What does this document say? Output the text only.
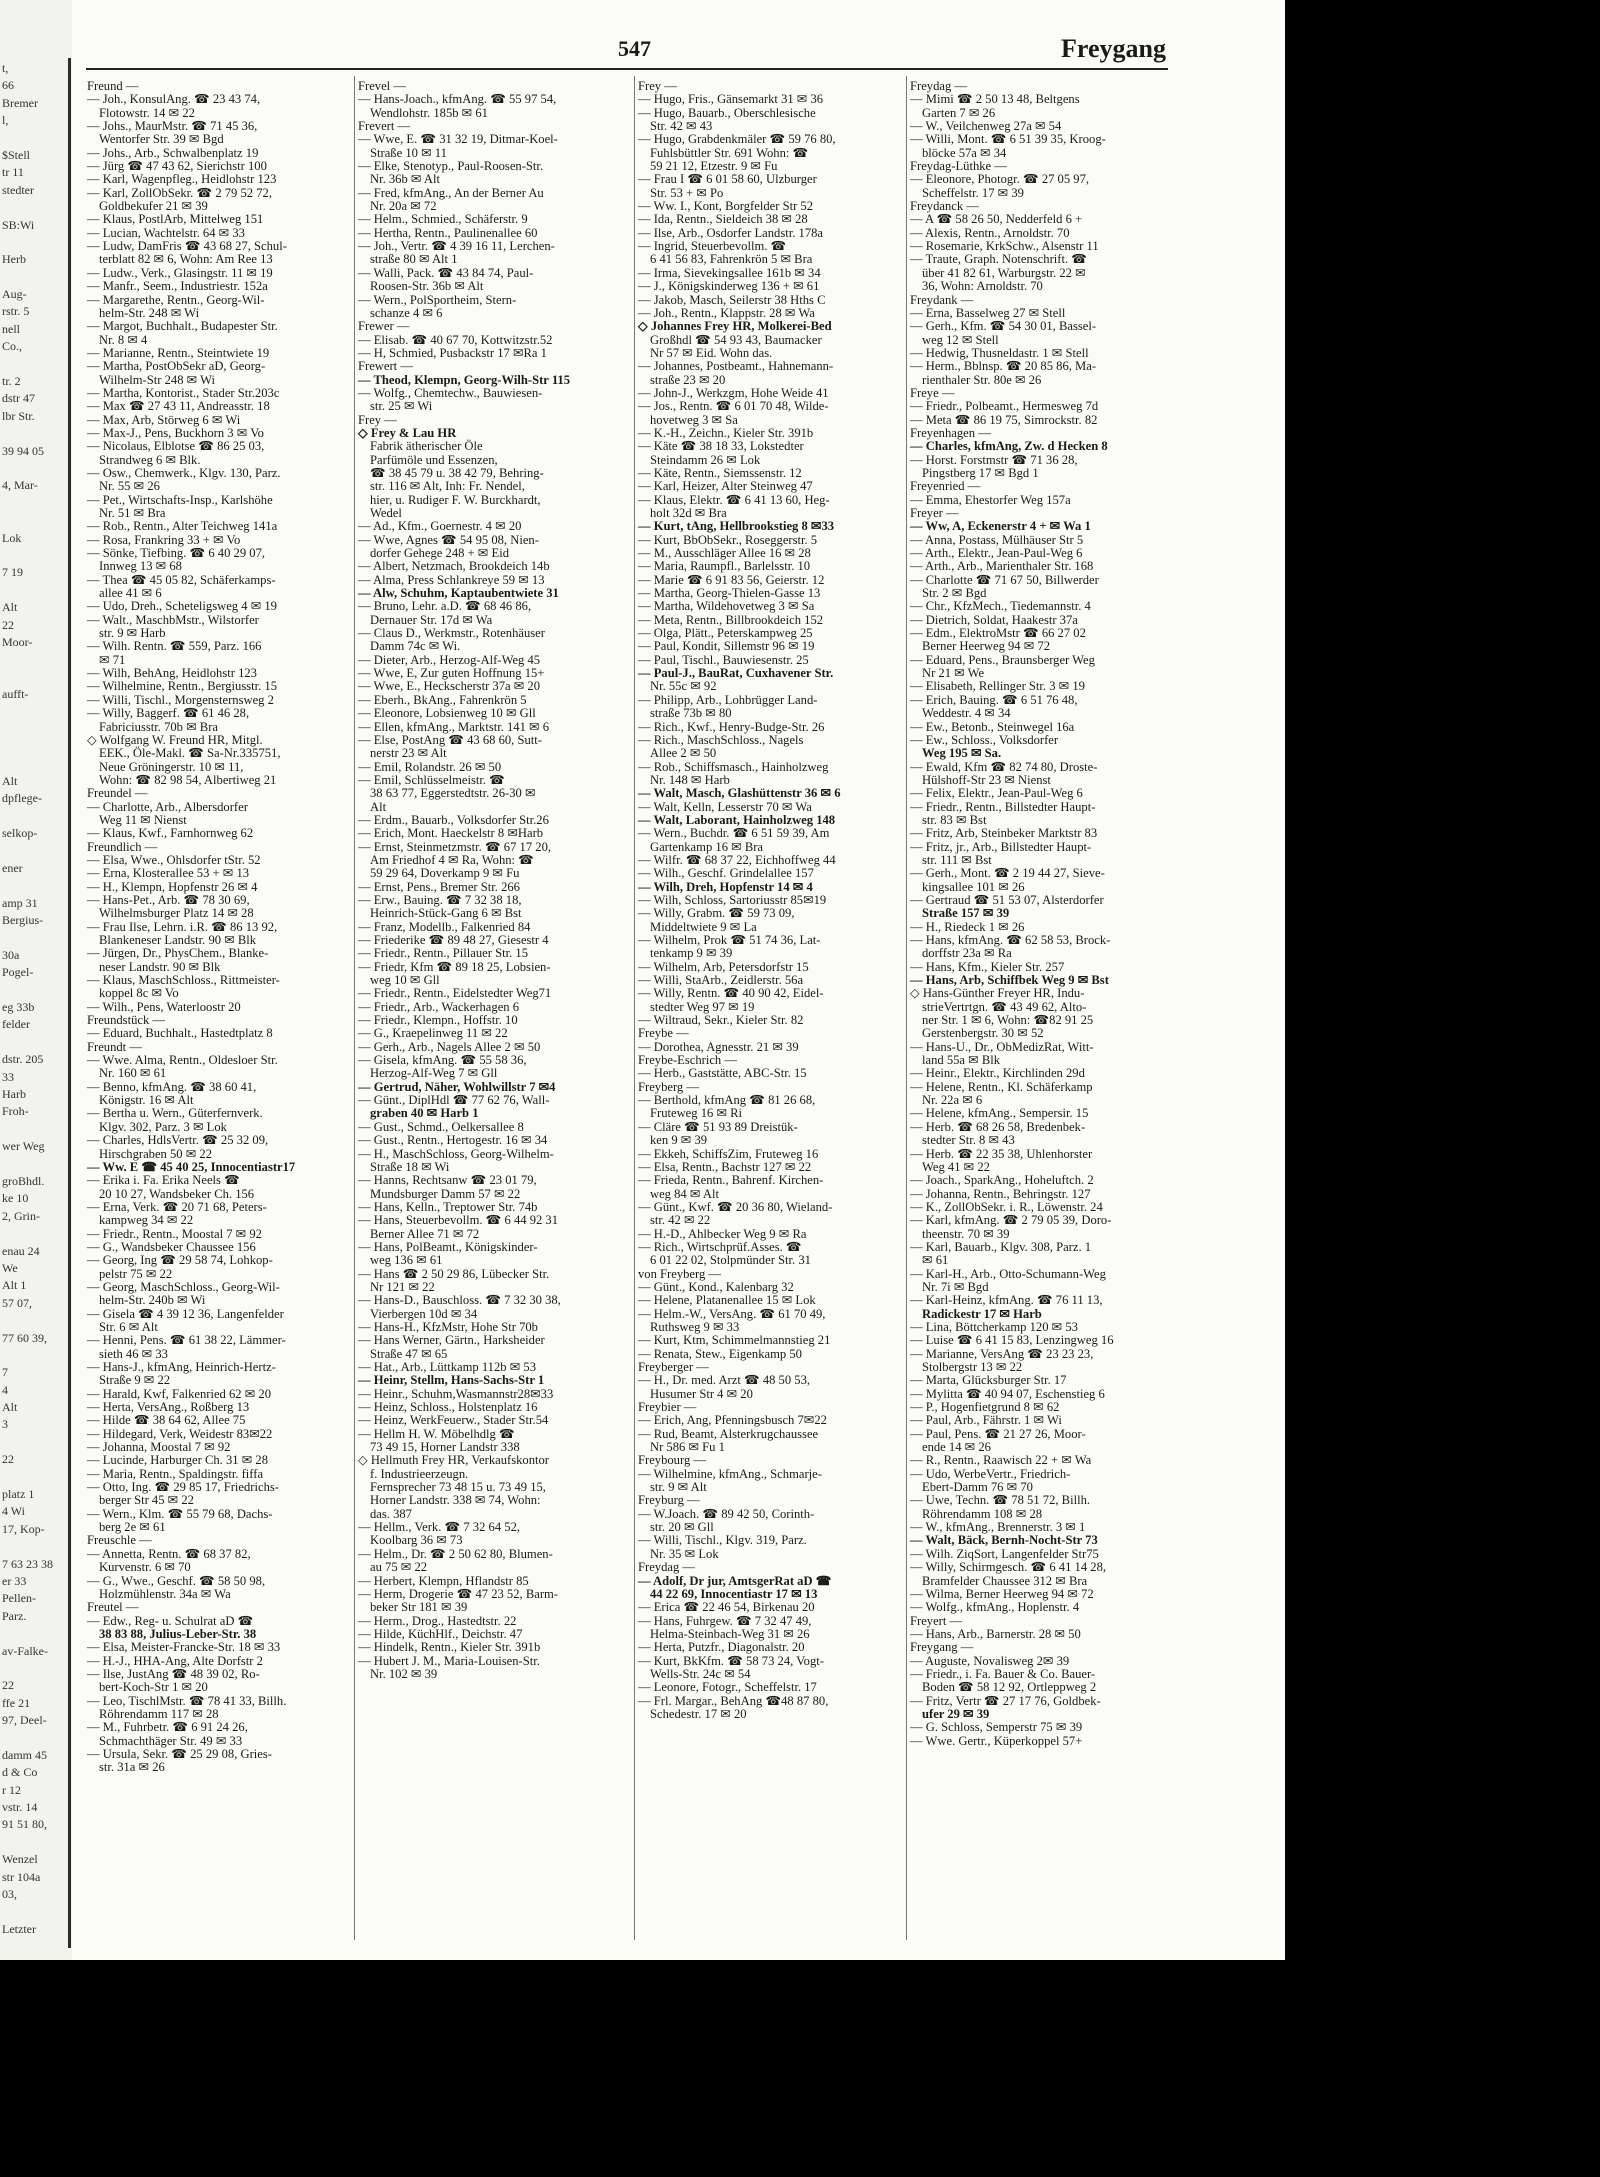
t,
66
Bremer
l,
$Stell
tr 11
stedter
SB:Wi
Herb
Aug-
rstr. 5
nell
Co.,
tr. 2
dstr 47
lbr Str.
39 94 05
4, Mar-
Lok
7 19
Alt
22
Moor-
aufft-
Alt
dpflege-
selkop-
ener
amp 31
Bergius-
30a
Pogel-
eg 33b
felder
dstr. 205
33
Harb
Froh-
wer Weg
groBhdl.
ke 10
2, Grin-
enau 24
We
Alt 1
57 07,
77 60 39,
7
4
Alt
3
22
platz 1
4 Wi
17, Kop-
7 63 23 38
er 33
Pellen-
Parz.
av-Falke-
22
ffe 21
97, Deel-
damm 45
d & Co
r 12
vstr. 14
91 51 80,
Wenzel
str 104a
03,
Letzter
547	Freygang
Freund —
— Joh., KonsulAng. ☎ 23 43 74,
Flotowstr. 14 ✉ 22
— Johs., MaurMstr. ☎ 71 45 36,
Wentorfer Str. 39 ✉ Bgd
— Johs., Arb., Schwalbenplatz 19
— Jürg ☎ 47 43 62, Sierichstr 100
— Karl, Wagenpfleg., Heidlohstr 123
— Karl, ZollObSekr. ☎ 2 79 52 72,
Goldbekufer 21 ✉ 39
— Klaus, PostlArb, Mittelweg 151
— Lucian, Wachtelstr. 64 ✉ 33
— Ludw, DamFris ☎ 43 68 27, Schul-
terblatt 82 ✉ 6, Wohn: Am Ree 13
— Ludw., Verk., Glasingstr. 11 ✉ 19
— Manfr., Seem., Industriestr. 152a
— Margarethe, Rentn., Georg-Wil-
helm-Str. 248 ✉ Wi
— Margot, Buchhalt., Budapester Str.
Nr. 8 ✉ 4
— Marianne, Rentn., Steintwiete 19
— Martha, PostObSekr aD, Georg-
Wilhelm-Str 248 ✉ Wi
— Martha, Kontorist., Stader Str.203c
— Max ☎ 27 43 11, Andreasstr. 18
— Max, Arb, Störweg 6 ✉ Wi
— Max-J., Pens, Buckhorn 3 ✉ Vo
— Nicolaus, Elblotse ☎ 86 25 03,
Strandweg 6 ✉ Blk.
— Osw., Chemwerk., Klgv. 130, Parz.
Nr. 55 ✉ 26
— Pet., Wirtschafts-Insp., Karlshöhe
Nr. 51 ✉ Bra
— Rob., Rentn., Alter Teichweg 141a
— Rosa, Frankring 33 + ✉ Vo
— Sönke, Tiefbing. ☎ 6 40 29 07,
Innweg 13 ✉ 68
— Thea ☎ 45 05 82, Schäferkamps-
allee 41 ✉ 6
— Udo, Dreh., Scheteligsweg 4 ✉ 19
— Walt., MaschbMstr., Wilstorfer
str. 9 ✉ Harb
— Wilh. Rentn. ☎ 559, Parz. 166
✉ 71
— Wilh, BehAng, Heidlohstr 123
— Wilhelmine, Rentn., Bergiusstr. 15
— Willi, Tischl., Morgensternsweg 2
— Willy, Baggerf. ☎ 61 46 28,
Fabriciusstr. 70b ✉ Bra
◇ Wolfgang W. Freund HR, Mitgl.
EEK., Öle-Makl. ☎ Sa-Nr.335751,
Neue Gröningerstr. 10 ✉ 11,
Wohn: ☎ 82 98 54, Albertiweg 21
Freundel —
— Charlotte, Arb., Albersdorfer
Weg 11 ✉ Nienst
— Klaus, Kwf., Farnhornweg 62
Freundlich —
— Elsa, Wwe., Ohlsdorfer tStr. 52
— Erna, Klosterallee 53 + ✉ 13
— H., Klempn, Hopfenstr 26 ✉ 4
— Hans-Pet., Arb. ☎ 78 30 69,
Wilhelmsburger Platz 14 ✉ 28
— Frau Ilse, Lehrn. i.R. ☎ 86 13 92,
Blankeneser Landstr. 90 ✉ Blk
— Jürgen, Dr., PhysChem., Blanke-
neser Landstr. 90 ✉ Blk
— Klaus, MaschSchloss., Rittmeister-
koppel 8c ✉ Vo
— Wilh., Pens, Waterloostr 20
Freundstück —
— Eduard, Buchhalt., Hastedtplatz 8
Freundt —
— Wwe. Alma, Rentn., Oldesloer Str.
Nr. 160 ✉ 61
— Benno, kfmAng. ☎ 38 60 41,
Königstr. 16 ✉ Alt
— Bertha u. Wern., Güterfernverk.
Klgv. 302, Parz. 3 ✉ Lok
— Charles, HdlsVertr. ☎ 25 32 09,
Hirschgraben 50 ✉ 22
— Ww. E ☎ 45 40 25, Innocentiastr17
— Erika i. Fa. Erika Neels ☎
20 10 27, Wandsbeker Ch. 156
— Erna, Verk. ☎ 20 71 68, Peters-
kampweg 34 ✉ 22
— Friedr., Rentn., Moostal 7 ✉ 92
— G., Wandsbeker Chaussee 156
— Georg, Ing ☎ 29 58 74, Lohkop-
pelstr 75 ✉ 22
— Georg, MaschSchloss., Georg-Wil-
helm-Str. 240b ✉ Wi
— Gisela ☎ 4 39 12 36, Langenfelder
Str. 6 ✉ Alt
— Henni, Pens. ☎ 61 38 22, Lämmer-
sieth 46 ✉ 33
— Hans-J., kfmAng, Heinrich-Hertz-
Straße 9 ✉ 22
— Harald, Kwf, Falkenried 62 ✉ 20
— Herta, VersAng., Roßberg 13
— Hilde ☎ 38 64 62, Allee 75
— Hildegard, Verk, Weidestr 83✉22
— Johanna, Moostal 7 ✉ 92
— Lucinde, Harburger Ch. 31 ✉ 28
— Maria, Rentn., Spaldingstr. fiffa
— Otto, Ing. ☎ 29 85 17, Friedrichs-
berger Str 45 ✉ 22
— Wern., Klm. ☎ 55 79 68, Dachs-
berg 2e ✉ 61
Freuschle —
— Annetta, Rentn. ☎ 68 37 82,
Kurvenstr. 6 ✉ 70
— G., Wwe., Geschf. ☎ 58 50 98,
Holzmühlenstr. 34a ✉ Wa
Freutel —
— Edw., Reg- u. Schulrat aD ☎
38 83 88, Julius-Leber-Str. 38
— Elsa, Meister-Francke-Str. 18 ✉ 33
— H.-J., HHA-Ang, Alte Dorfstr 2
— Ilse, JustAng ☎ 48 39 02, Ro-
bert-Koch-Str 1 ✉ 20
— Leo, TischlMstr. ☎ 78 41 33, Billh.
Röhrendamm 117 ✉ 28
— M., Fuhrbetr. ☎ 6 91 24 26,
Schmachthäger Str. 49 ✉ 33
— Ursula, Sekr. ☎ 25 29 08, Gries-
str. 31a ✉ 26
Frevel —
— Hans-Joach., kfmAng. ☎ 55 97 54,
Wendlohstr. 185b ✉ 61
Frevert —
— Wwe, E. ☎ 31 32 19, Ditmar-Koel-
Straße 10 ✉ 11
— Elke, Stenotyp., Paul-Roosen-Str.
Nr. 36b ✉ Alt
— Fred, kfmAng., An der Berner Au
Nr. 20a ✉ 72
— Helm., Schmied., Schäferstr. 9
— Hertha, Rentn., Paulinenallee 60
— Joh., Vertr. ☎ 4 39 16 11, Lerchen-
straße 80 ✉ Alt 1
— Walli, Pack. ☎ 43 84 74, Paul-
Roosen-Str. 36b ✉ Alt
— Wern., PolSportheim, Stern-
schanze 4 ✉ 6
Frewer —
— Elisab. ☎ 40 67 70, Kottwitzstr.52
— H, Schmied, Pusbackstr 17 ✉Ra 1
Frewert —
— Theod, Klempn, Georg-Wilh-Str 115
— Wolfg., Chemtechw., Bauwiesen-
str. 25 ✉ Wi
Frey —
◇ Frey & Lau HR
Fabrik ätherischer Öle
Parfümöle und Essenzen,
☎ 38 45 79 u. 38 42 79, Behring-
str. 116 ✉ Alt, Inh: Fr. Nendel,
hier, u. Rudiger F. W. Burckhardt,
Wedel
— Ad., Kfm., Goernestr. 4 ✉ 20
— Wwe, Agnes ☎ 54 95 08, Nien-
dorfer Gehege 248 + ✉ Eid
— Albert, Netzmach, Brookdeich 14b
— Alma, Press Schlankreye 59 ✉ 13
— Alw, Schuhm, Kaptaubentwiete 31
— Bruno, Lehr. a.D. ☎ 68 46 86,
Dernauer Str. 17d ✉ Wa
— Claus D., Werkmstr., Rotenhäuser
Damm 74c ✉ Wi.
— Dieter, Arb., Herzog-Alf-Weg 45
— Wwe, E, Zur guten Hoffnung 15+
— Wwe, E., Heckscherstr 37a ✉ 20
— Eberh., BkAng., Fahrenkrön 5
— Eleonore, Lobsienweg 10 ✉ Gll
— Ellen, kfmAng., Marktstr. 141 ✉ 6
— Else, PostAng ☎ 43 68 60, Sutt-
nerstr 23 ✉ Alt
— Emil, Rolandstr. 26 ✉ 50
— Emil, Schlüsselmeistr. ☎
38 63 77, Eggerstedtstr. 26-30 ✉
Alt
— Erdm., Bauarb., Volksdorfer Str.26
— Erich, Mont. Haeckelstr 8 ✉Harb
— Ernst, Steinmetzmstr. ☎ 67 17 20,
Am Friedhof 4 ✉ Ra, Wohn: ☎
59 29 64, Doverkamp 9 ✉ Fu
— Ernst, Pens., Bremer Str. 266
— Erw., Bauing. ☎ 7 32 38 18,
Heinrich-Stück-Gang 6 ✉ Bst
— Franz, Modellb., Falkenried 84
— Friederike ☎ 89 48 27, Giesestr 4
— Friedr., Rentn., Pillauer Str. 15
— Friedr, Kfm ☎ 89 18 25, Lobsien-
weg 10 ✉ Gll
— Friedr., Rentn., Eidelstedter Weg71
— Friedr., Arb., Wackerhagen 6
— Friedr., Klempn., Hoffstr. 10
— G., Kraepelinweg 11 ✉ 22
— Gerh., Arb., Nagels Allee 2 ✉ 50
— Gisela, kfmAng. ☎ 55 58 36,
Herzog-Alf-Weg 7 ✉ Gll
— Gertrud, Näher, Wohlwillstr 7 ✉4
— Günt., DiplHdl ☎ 77 62 76, Wall-
graben 40 ✉ Harb 1
— Gust., Schmd., Oelkersallee 8
— Gust., Rentn., Hertogestr. 16 ✉ 34
— H., MaschSchloss, Georg-Wilhelm-
Straße 18 ✉ Wi
— Hanns, Rechtsanw ☎ 23 01 79,
Mundsburger Damm 57 ✉ 22
— Hans, Kelln., Treptower Str. 74b
— Hans, Steuerbevollm. ☎ 6 44 92 31
Berner Allee 71 ✉ 72
— Hans, PolBeamt., Königskinder-
weg 136 ✉ 61
— Hans ☎ 2 50 29 86, Lübecker Str.
Nr 121 ✉ 22
— Hans-D., Bauschloss. ☎ 7 32 30 38,
Vierbergen 10d ✉ 34
— Hans-H., KfzMstr, Hohe Str 70b
— Hans Werner, Gärtn., Harksheider
Straße 47 ✉ 65
— Hat., Arb., Lüttkamp 112b ✉ 53
— Heinr, Stellm, Hans-Sachs-Str 1
— Heinr., Schuhm,Wasmannstr28✉33
— Heinz, Schloss., Holstenplatz 16
— Heinz, WerkFeuerw., Stader Str.54
— Hellm H. W. Möbelhdlg ☎
73 49 15, Horner Landstr 338
◇ Hellmuth Frey HR, Verkaufskontor
f. Industrieerzeugn.
Fernsprecher 73 48 15 u. 73 49 15,
Horner Landstr. 338 ✉ 74, Wohn:
das. 387
— Hellm., Verk. ☎ 7 32 64 52,
Koolbarg 36 ✉ 73
— Helm., Dr. ☎ 2 50 62 80, Blumen-
au 75 ✉ 22
— Herbert, Klempn, Hflandstr 85
— Herm, Drogerie ☎ 47 23 52, Barm-
beker Str 181 ✉ 39
— Herm., Drog., Hastedtstr. 22
— Hilde, KüchHlf., Deichstr. 47
— Hindelk, Rentn., Kieler Str. 391b
— Hubert J. M., Maria-Louisen-Str.
Nr. 102 ✉ 39
Frey —
— Hugo, Fris., Gänsemarkt 31 ✉ 36
— Hugo, Bauarb., Oberschlesische
Str. 42 ✉ 43
— Hugo, Grabdenkmäler ☎ 59 76 80,
Fuhlsbüttler Str. 691 Wohn: ☎
59 21 12, Etzestr. 9 ✉ Fu
— Frau I ☎ 6 01 58 60, Ulzburger
Str. 53 + ✉ Po
— Ww. I., Kont, Borgfelder Str 52
— Ida, Rentn., Sieldeich 38 ✉ 28
— Ilse, Arb., Osdorfer Landstr. 178a
— Ingrid, Steuerbevollm. ☎
6 41 56 83, Fahrenkrön 5 ✉ Bra
— Irma, Sievekingsallee 161b ✉ 34
— J., Königskinderweg 136 + ✉ 61
— Jakob, Masch, Seilerstr 38 Hths C
— Joh., Rentn., Klappstr. 28 ✉ Wa
◇ Johannes Frey HR, Molkerei-Bed
Großhdl ☎ 54 93 43, Baumacker
Nr 57 ✉ Eid. Wohn das.
— Johannes, Postbeamt., Hahnemann-
straße 23 ✉ 20
— John-J., Werkzgm, Hohe Weide 41
— Jos., Rentn. ☎ 6 01 70 48, Wilde-
hovetweg 3 ✉ Sa
— K.-H., Zeichn., Kieler Str. 391b
— Käte ☎ 38 18 33, Lokstedter
Steindamm 26 ✉ Lok
— Käte, Rentn., Siemssenstr. 12
— Karl, Heizer, Alter Steinweg 47
— Klaus, Elektr. ☎ 6 41 13 60, Heg-
holt 32d ✉ Bra
— Kurt, tAng, Hellbrookstieg 8 ✉33
— Kurt, BbObSekr., Roseggerstr. 5
— M., Ausschläger Allee 16 ✉ 28
— Maria, Raumpfl., Barlelsstr. 10
— Marie ☎ 6 91 83 56, Geierstr. 12
— Martha, Georg-Thielen-Gasse 13
— Martha, Wildehovetweg 3 ✉ Sa
— Meta, Rentn., Billbrookdeich 152
— Olga, Plätt., Peterskampweg 25
— Paul, Kondit, Sillemstr 96 ✉ 19
— Paul, Tischl., Bauwiesenstr. 25
— Paul-J., BauRat, Cuxhavener Str.
Nr. 55c ✉ 92
— Philipp, Arb., Lohbrügger Land-
straße 73b ✉ 80
— Rich., Kwf., Henry-Budge-Str. 26
— Rich., MaschSchloss., Nagels
Allee 2 ✉ 50
— Rob., Schiffsmasch., Hainholzweg
Nr. 148 ✉ Harb
— Walt, Masch, Glashüttenstr 36 ✉ 6
— Walt, Kelln, Lesserstr 70 ✉ Wa
— Walt, Laborant, Hainholzweg 148
— Wern., Buchdr. ☎ 6 51 59 39, Am
Gartenkamp 16 ✉ Bra
— Wilfr. ☎ 68 37 22, Eichhoffweg 44
— Wilh., Geschf. Grindelallee 157
— Wilh, Dreh, Hopfenstr 14 ✉ 4
— Wilh, Schloss, Sartoriusstr 85✉19
— Willy, Grabm. ☎ 59 73 09,
Middeltwiete 9 ✉ La
— Wilhelm, Prok ☎ 51 74 36, Lat-
tenkamp 9 ✉ 39
— Wilhelm, Arb, Petersdorfstr 15
— Willi, StaArb., Zeidlerstr. 56a
— Willy, Rentn. ☎ 40 90 42, Eidel-
stedter Weg 97 ✉ 19
— Wiltraud, Sekr., Kieler Str. 82
Freybe —
— Dorothea, Agnesstr. 21 ✉ 39
Freybe-Eschrich —
— Herb., Gaststätte, ABC-Str. 15
Freyberg —
— Berthold, kfmAng ☎ 81 26 68,
Fruteweg 16 ✉ Ri
— Cläre ☎ 51 93 89 Dreistük-
ken 9 ✉ 39
— Ekkeh, SchiffsZim, Fruteweg 16
— Elsa, Rentn., Bachstr 127 ✉ 22
— Frieda, Rentn., Bahrenf. Kirchen-
weg 84 ✉ Alt
— Günt., Kwf. ☎ 20 36 80, Wieland-
str. 42 ✉ 22
— H.-D., Ahlbecker Weg 9 ✉ Ra
— Rich., Wirtschprüf.Asses. ☎
6 01 22 02, Stolpmünder Str. 31
von Freyberg —
— Günt., Kond., Kalenbarg 32
— Helene, Platanenallee 15 ✉ Lok
— Helm.-W., VersAng. ☎ 61 70 49,
Ruthsweg 9 ✉ 33
— Kurt, Ktm, Schimmelmannstieg 21
— Renata, Stew., Eigenkamp 50
Freyberger —
— H., Dr. med. Arzt ☎ 48 50 53,
Husumer Str 4 ✉ 20
Freybier —
— Erich, Ang, Pfenningsbusch 7✉22
— Rud, Beamt, Alsterkrugchaussee
Nr 586 ✉ Fu 1
Freybourg —
— Wilhelmine, kfmAng., Schmarje-
str. 9 ✉ Alt
Freyburg —
— W.Joach. ☎ 89 42 50, Corinth-
str. 20 ✉ Gll
— Willi, Tischl., Klgv. 319, Parz.
Nr. 35 ✉ Lok
Freydag —
— Adolf, Dr jur, AmtsgerRat aD ☎
44 22 69, Innocentiastr 17 ✉ 13
— Erica ☎ 22 46 54, Birkenau 20
— Hans, Fuhrgew. ☎ 7 32 47 49,
Helma-Steinbach-Weg 31 ✉ 26
— Herta, Putzfr., Diagonalstr. 20
— Kurt, BkKfm. ☎ 58 73 24, Vogt-
Wells-Str. 24c ✉ 54
— Leonore, Fotogr., Scheffelstr. 17
— Frl. Margar., BehAng ☎48 87 80,
Schedestr. 17 ✉ 20
Freydag —
— Mimi ☎ 2 50 13 48, Beltgens
Garten 7 ✉ 26
— W., Veilchenweg 27a ✉ 54
— Willi, Mont. ☎ 6 51 39 35, Kroog-
blöcke 57a ✉ 34
Freydag-Lüthke —
— Eleonore, Photogr. ☎ 27 05 97,
Scheffelstr. 17 ✉ 39
Freydanck —
— A ☎ 58 26 50, Nedderfeld 6 +
— Alexis, Rentn., Arnoldstr. 70
— Rosemarie, KrkSchw., Alsenstr 11
— Traute, Graph. Notenschrift. ☎
über 41 82 61, Warburgstr. 22 ✉
36, Wohn: Arnoldstr. 70
Freydank —
— Erna, Basselweg 27 ✉ Stell
— Gerh., Kfm. ☎ 54 30 01, Bassel-
weg 12 ✉ Stell
— Hedwig, Thusneldastr. 1 ✉ Stell
— Herm., Bblnsp. ☎ 20 85 86, Ma-
rienthaler Str. 80e ✉ 26
Freye —
— Friedr., Polbeamt., Hermesweg 7d
— Meta ☎ 86 19 75, Simrockstr. 82
Freyenhagen —
— Charles, kfmAng, Zw. d Hecken 8
— Horst. Forstmstr ☎ 71 36 28,
Pingstberg 17 ✉ Bgd 1
Freyenried —
— Emma, Ehestorfer Weg 157a
Freyer —
— Ww, A, Eckenerstr 4 + ✉ Wa 1
— Anna, Postass, Mülhäuser Str 5
— Arth., Elektr., Jean-Paul-Weg 6
— Arth., Arb., Marienthaler Str. 168
— Charlotte ☎ 71 67 50, Billwerder
Str. 2 ✉ Bgd
— Chr., KfzMech., Tiedemannstr. 4
— Dietrich, Soldat, Haakestr 37a
— Edm., ElektroMstr ☎ 66 27 02
Berner Heerweg 94 ✉ 72
— Eduard, Pens., Braunsberger Weg
Nr 21 ✉ We
— Elisabeth, Rellinger Str. 3 ✉ 19
— Erich, Bauing. ☎ 6 51 76 48,
Weddestr. 4 ✉ 34
— Ew., Betonb., Steinwegel 16a
— Ew., Schloss., Volksdorfer
Weg 195 ✉ Sa.
— Ewald, Kfm ☎ 82 74 80, Droste-
Hülshoff-Str 23 ✉ Nienst
— Felix, Elektr., Jean-Paul-Weg 6
— Friedr., Rentn., Billstedter Haupt-
str. 83 ✉ Bst
— Fritz, Arb, Steinbeker Marktstr 83
— Fritz, jr., Arb., Billstedter Haupt-
str. 111 ✉ Bst
— Gerh., Mont. ☎ 2 19 44 27, Sieve-
kingsallee 101 ✉ 26
— Gertraud ☎ 51 53 07, Alsterdorfer
Straße 157 ✉ 39
— H., Riedeck 1 ✉ 26
— Hans, kfmAng. ☎ 62 58 53, Brock-
dorffstr 23a ✉ Ra
— Hans, Kfm., Kieler Str. 257
— Hans, Arb, Schiffbek Weg 9 ✉ Bst
◇ Hans-Günther Freyer HR, Indu-
strieVertrtgn. ☎ 43 49 62, Alto-
ner Str. 1 ✉ 6, Wohn: ☎82 91 25
Gerstenbergstr. 30 ✉ 52
— Hans-U., Dr., ObMedizRat, Witt-
land 55a ✉ Blk
— Heinr., Elektr., Kirchlinden 29d
— Helene, Rentn., Kl. Schäferkamp
Nr. 22a ✉ 6
— Helene, kfmAng., Sempersir. 15
— Herb. ☎ 68 26 58, Bredenbek-
stedter Str. 8 ✉ 43
— Herb. ☎ 22 35 38, Uhlenhorster
Weg 41 ✉ 22
— Joach., SparkAng., Hoheluftch. 2
— Johanna, Rentn., Behringstr. 127
— K., ZollObSekr. i. R., Löwenstr. 24
— Karl, kfmAng. ☎ 2 79 05 39, Doro-
theenstr. 70 ✉ 39
— Karl, Bauarb., Klgv. 308, Parz. 1
✉ 61
— Karl-H., Arb., Otto-Schumann-Weg
Nr. 7i ✉ Bgd
— Karl-Heinz, kfmAng. ☎ 76 11 13,
Radickestr 17 ✉ Harb
— Lina, Böttcherkamp 120 ✉ 53
— Luise ☎ 6 41 15 83, Lenzingweg 16
— Marianne, VersAng ☎ 23 23 23,
Stolbergstr 13 ✉ 22
— Marta, Glücksburger Str. 17
— Mylitta ☎ 40 94 07, Eschenstieg 6
— P., Hogenfietgrund 8 ✉ 62
— Paul, Arb., Fährstr. 1 ✉ Wi
— Paul, Pens. ☎ 21 27 26, Moor-
ende 14 ✉ 26
— R., Rentn., Raawisch 22 + ✉ Wa
— Udo, WerbeVertr., Friedrich-
Ebert-Damm 76 ✉ 70
— Uwe, Techn. ☎ 78 51 72, Billh.
Röhrendamm 108 ✉ 28
— W., kfmAng., Brennerstr. 3 ✉ 1
— Walt, Bäck, Bernh-Nocht-Str 73
— Wilh. ZiqSort, Langenfelder Str75
— Willy, Schirmgesch. ☎ 6 41 14 28,
Bramfelder Chaussee 312 ✉ Bra
— Wilma, Berner Heerweg 94 ✉ 72
— Wolfg., kfmAng., Hoplenstr. 4
Freyert —
— Hans, Arb., Barnerstr. 28 ✉ 50
Freygang —
— Auguste, Novalisweg 2✉ 39
— Friedr., i. Fa. Bauer & Co. Bauer-
Boden ☎ 58 12 92, Ortleppweg 2
— Fritz, Vertr ☎ 27 17 76, Goldbek-
ufer 29 ✉ 39
— G. Schloss, Semperstr 75 ✉ 39
— Wwe. Gertr., Küperkoppel 57+
